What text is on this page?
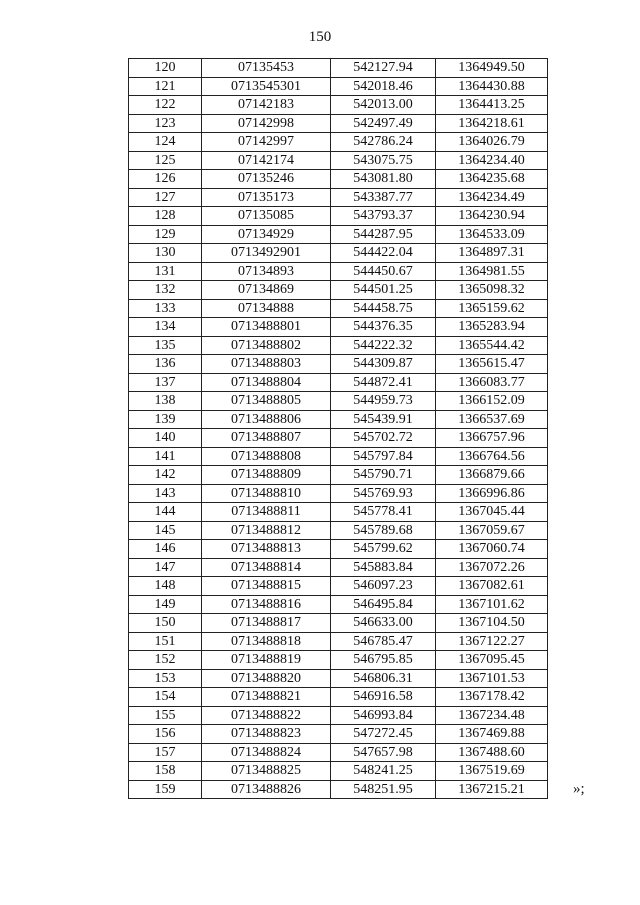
150
120	07135453	542127.94	1364949.50
121	0713545301	542018.46	1364430.88
122	07142183	542013.00	1364413.25
123	07142998	542497.49	1364218.61
124	07142997	542786.24	1364026.79
125	07142174	543075.75	1364234.40
126	07135246	543081.80	1364235.68
127	07135173	543387.77	1364234.49
128	07135085	543793.37	1364230.94
129	07134929	544287.95	1364533.09
130	0713492901	544422.04	1364897.31
131	07134893	544450.67	1364981.55
132	07134869	544501.25	1365098.32
133	07134888	544458.75	1365159.62
134	0713488801	544376.35	1365283.94
135	0713488802	544222.32	1365544.42
136	0713488803	544309.87	1365615.47
137	0713488804	544872.41	1366083.77
138	0713488805	544959.73	1366152.09
139	0713488806	545439.91	1366537.69
140	0713488807	545702.72	1366757.96
141	0713488808	545797.84	1366764.56
142	0713488809	545790.71	1366879.66
143	0713488810	545769.93	1366996.86
144	0713488811	545778.41	1367045.44
145	0713488812	545789.68	1367059.67
146	0713488813	545799.62	1367060.74
147	0713488814	545883.84	1367072.26
148	0713488815	546097.23	1367082.61
149	0713488816	546495.84	1367101.62
150	0713488817	546633.00	1367104.50
151	0713488818	546785.47	1367122.27
152	0713488819	546795.85	1367095.45
153	0713488820	546806.31	1367101.53
154	0713488821	546916.58	1367178.42
155	0713488822	546993.84	1367234.48
156	0713488823	547272.45	1367469.88
157	0713488824	547657.98	1367488.60
158	0713488825	548241.25	1367519.69
159	0713488826	548251.95	1367215.21	»;
